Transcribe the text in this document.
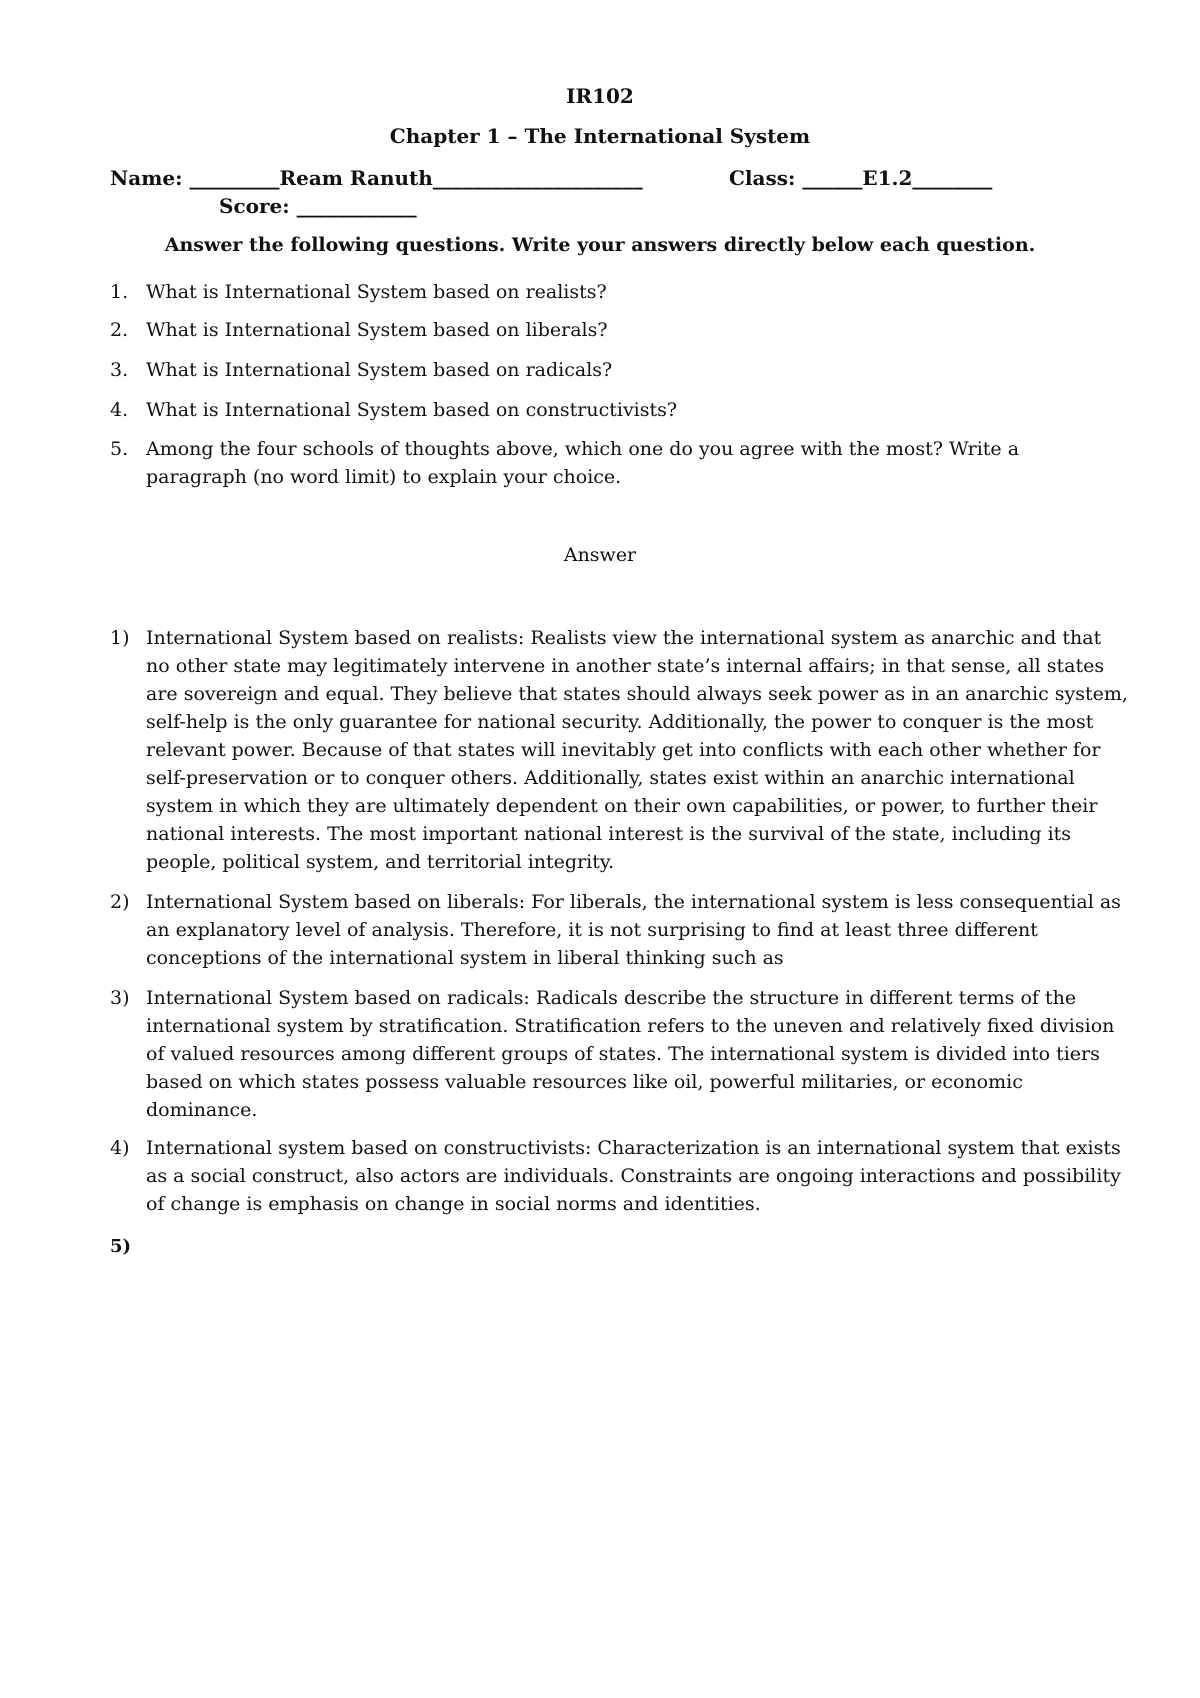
IR102
Chapter 1 – The International System
Name: _________Ream Ranuth_____________________	Class: ______E1.2________
Score: ____________
Answer the following questions. Write your answers directly below each question.
1. What is International System based on realists?
2. What is International System based on liberals?
3. What is International System based on radicals?
4. What is International System based on constructivists?
5. Among the four schools of thoughts above, which one do you agree with the most? Write a paragraph (no word limit) to explain your choice.
Answer
1) International System based on realists: Realists view the international system as anarchic and that no other state may legitimately intervene in another state’s internal affairs; in that sense, all states are sovereign and equal. They believe that states should always seek power as in an anarchic system, self-help is the only guarantee for national security. Additionally, the power to conquer is the most relevant power. Because of that states will inevitably get into conflicts with each other whether for self-preservation or to conquer others. Additionally, states exist within an anarchic international system in which they are ultimately dependent on their own capabilities, or power, to further their national interests. The most important national interest is the survival of the state, including its people, political system, and territorial integrity.
2) International System based on liberals: For liberals, the international system is less consequential as an explanatory level of analysis. Therefore, it is not surprising to find at least three different conceptions of the international system in liberal thinking such as
3) International System based on radicals: Radicals describe the structure in different terms of the international system by stratification. Stratification refers to the uneven and relatively fixed division of valued resources among different groups of states. The international system is divided into tiers based on which states possess valuable resources like oil, powerful militaries, or economic dominance.
4) International system based on constructivists: Characterization is an international system that exists as a social construct, also actors are individuals. Constraints are ongoing interactions and possibility of change is emphasis on change in social norms and identities.
5)
